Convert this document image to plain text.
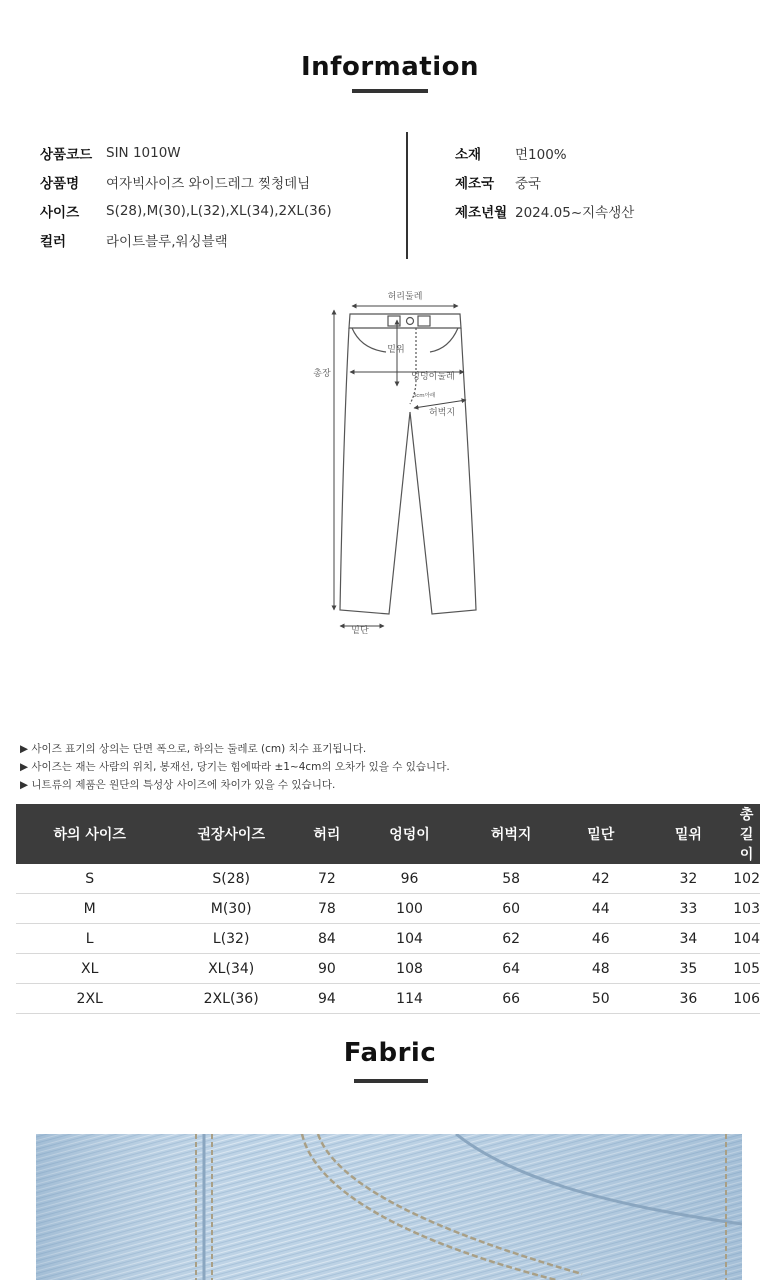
Information
상품코드	SIN 1010W
상품명	여자빅사이즈 와이드레그 찢청데님
사이즈	S(28),M(30),L(32),XL(34),2XL(36)
컬러	라이트블루,워싱블랙
소재	면100%
제조국	중국
제조년월 2024.05~지속생산
허리둘레
총장
밑위
엉덩이둘레
3cm아래
허벅지
밑단
▶ 사이즈 표기의 상의는 단면 폭으로, 하의는 둘레로 (cm) 치수 표기됩니다.
▶ 사이즈는 재는 사람의 위치, 봉재선, 당기는 힘에따라 ±1~4cm의 오차가 있을 수 있습니다.
▶ 니트류의 제품은 원단의 특성상 사이즈에 차이가 있을 수 있습니다.
하의 사이즈	권장사이즈	허리	엉덩이	허벅지	밑단	밑위	총길이
S	S(28)	72	96	58	42	32	102
M	M(30)	78	100	60	44	33	103
L	L(32)	84	104	62	46	34	104
XL	XL(34)	90	108	64	48	35	105
2XL	2XL(36)	94	114	66	50	36	106
Fabric
